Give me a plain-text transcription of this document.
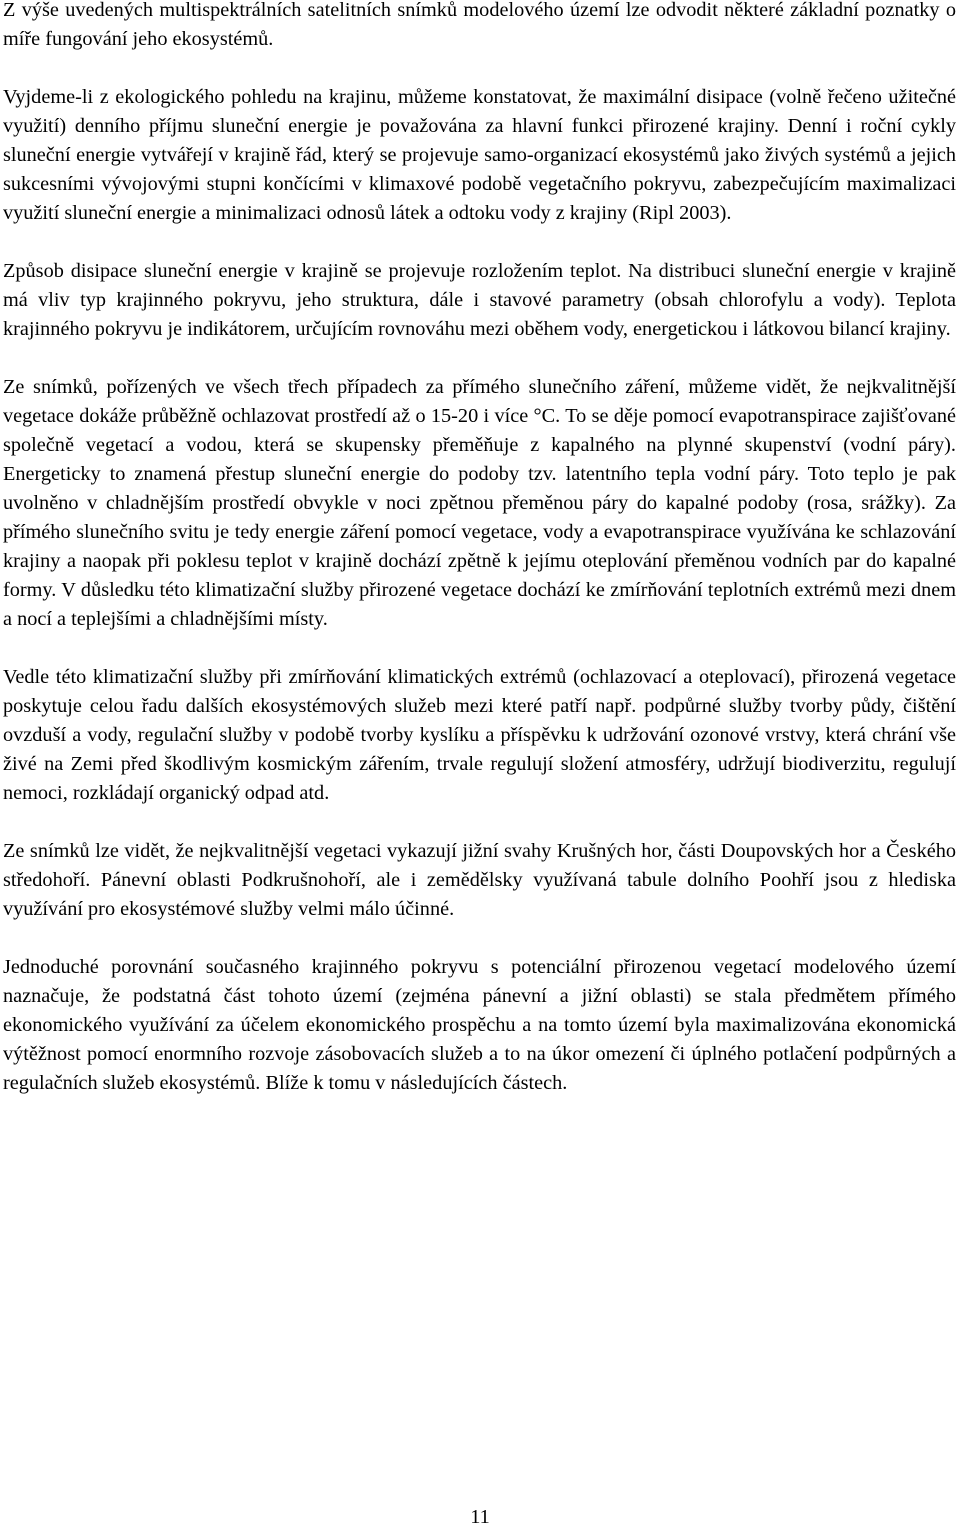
Z výše uvedených multispektrálních satelitních snímků modelového území lze odvodit některé základní poznatky o míře fungování jeho ekosystémů.

Vyjdeme-li z ekologického pohledu na krajinu, můžeme konstatovat, že maximální disipace (volně řečeno užitečné využití) denního příjmu sluneční energie je považována za hlavní funkci přirozené krajiny. Denní i roční cykly sluneční energie vytvářejí v krajině řád, který se projevuje samo-organizací ekosystémů jako živých systémů a jejich sukcesními vývojovými stupni končícími v klimaxové podobě vegetačního pokryvu, zabezpečujícím maximalizaci využití sluneční energie a minimalizaci odnosů látek a odtoku vody z krajiny (Ripl 2003).

Způsob disipace sluneční energie v krajině se projevuje rozložením teplot. Na distribuci sluneční energie v krajině má vliv typ krajinného pokryvu, jeho struktura, dále i stavové parametry (obsah chlorofylu a vody). Teplota krajinného pokryvu je indikátorem, určujícím rovnováhu mezi oběhem vody, energetickou i látkovou bilancí krajiny.

Ze snímků, pořízených ve všech třech případech za přímého slunečního záření, můžeme vidět, že nejkvalitnější vegetace dokáže průběžně ochlazovat prostředí až o 15-20 i více °C. To se děje pomocí evapotranspirace zajišťované společně vegetací a vodou, která se skupensky přeměňuje z kapalného na plynné skupenství (vodní páry). Energeticky to znamená přestup sluneční energie do podoby tzv. latentního tepla vodní páry. Toto teplo je pak uvolněno v chladnějším prostředí obvykle v noci zpětnou přeměnou páry do kapalné podoby (rosa, srážky). Za přímého slunečního svitu je tedy energie záření pomocí vegetace, vody a evapotranspirace využívána ke schlazování krajiny a naopak při poklesu teplot v krajině dochází zpětně k jejímu oteplování přeměnou vodních par do kapalné formy. V důsledku této klimatizační služby přirozené vegetace dochází ke zmírňování teplotních extrémů mezi dnem a nocí a teplejšími a chladnějšími místy.

Vedle této klimatizační služby při zmírňování klimatických extrémů (ochlazovací a oteplovací), přirozená vegetace poskytuje celou řadu dalších ekosystémových služeb mezi které patří např. podpůrné služby tvorby půdy, čištění ovzduší a vody, regulační služby v podobě tvorby kyslíku a příspěvku k udržování ozonové vrstvy, která chrání vše živé na Zemi před škodlivým kosmickým zářením, trvale regulují složení atmosféry, udržují biodiverzitu, regulují nemoci, rozkládají organický odpad atd.

Ze snímků lze vidět, že nejkvalitnější vegetaci vykazují jižní svahy Krušných hor, části Doupovských hor a Českého středohoří. Pánevní oblasti Podkrušnohoří, ale i zemědělsky využívaná tabule dolního Poohří jsou z hlediska využívání pro ekosystémové služby velmi málo účinné.

Jednoduché porovnání současného krajinného pokryvu s potenciální přirozenou vegetací modelového území naznačuje, že podstatná část tohoto území (zejména pánevní a jižní oblasti) se stala předmětem přímého ekonomického využívání za účelem ekonomického prospěchu a na tomto území byla maximalizována ekonomická výtěžnost pomocí enormního rozvoje zásobovacích služeb a to na úkor omezení či úplného potlačení podpůrných a regulačních služeb ekosystémů. Blíže k tomu v následujících částech.

11
